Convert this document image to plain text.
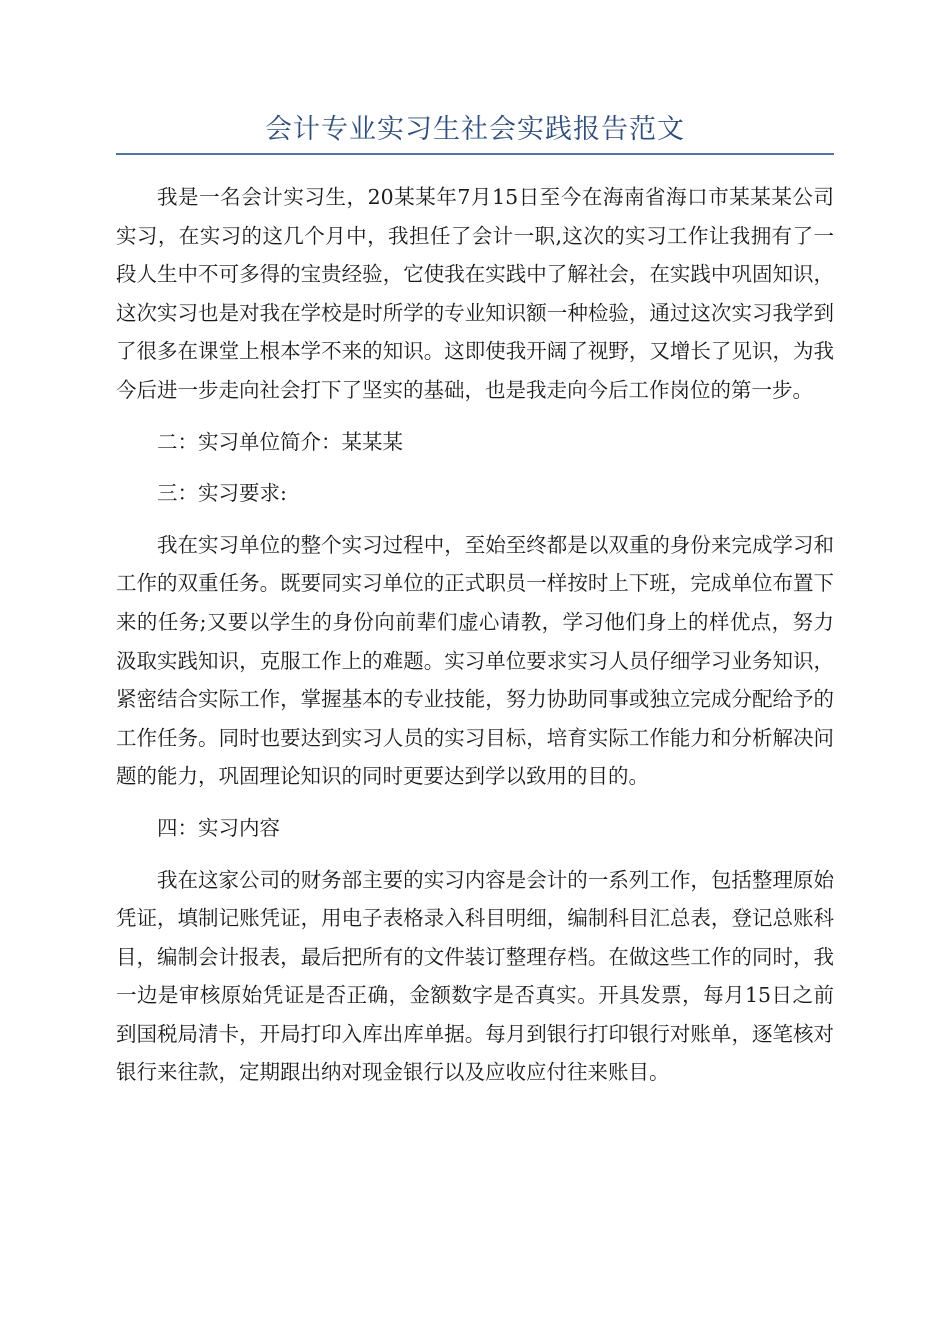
会计专业实习生社会实践报告范文

我是一名会计实习生，20某某年7月15日至今在海南省海口市某某某公司实习，在实习的这几个月中，我担任了会计一职,这次的实习工作让我拥有了一段人生中不可多得的宝贵经验，它使我在实践中了解社会，在实践中巩固知识，这次实习也是对我在学校是时所学的专业知识额一种检验，通过这次实习我学到了很多在课堂上根本学不来的知识。这即使我开阔了视野，又增长了见识，为我今后进一步走向社会打下了坚实的基础，也是我走向今后工作岗位的第一步。

二：实习单位简介：某某某

三：实习要求:

我在实习单位的整个实习过程中，至始至终都是以双重的身份来完成学习和工作的双重任务。既要同实习单位的正式职员一样按时上下班，完成单位布置下来的任务;又要以学生的身份向前辈们虚心请教，学习他们身上的样优点，努力汲取实践知识，克服工作上的难题。实习单位要求实习人员仔细学习业务知识，紧密结合实际工作，掌握基本的专业技能，努力协助同事或独立完成分配给予的工作任务。同时也要达到实习人员的实习目标，培育实际工作能力和分析解决问题的能力，巩固理论知识的同时更要达到学以致用的目的。

四：实习内容

我在这家公司的财务部主要的实习内容是会计的一系列工作，包括整理原始凭证，填制记账凭证，用电子表格录入科目明细，编制科目汇总表，登记总账科目，编制会计报表，最后把所有的文件装订整理存档。在做这些工作的同时，我一边是审核原始凭证是否正确，金额数字是否真实。开具发票，每月15日之前到国税局清卡，开局打印入库出库单据。每月到银行打印银行对账单，逐笔核对银行来往款，定期跟出纳对现金银行以及应收应付往来账目。
